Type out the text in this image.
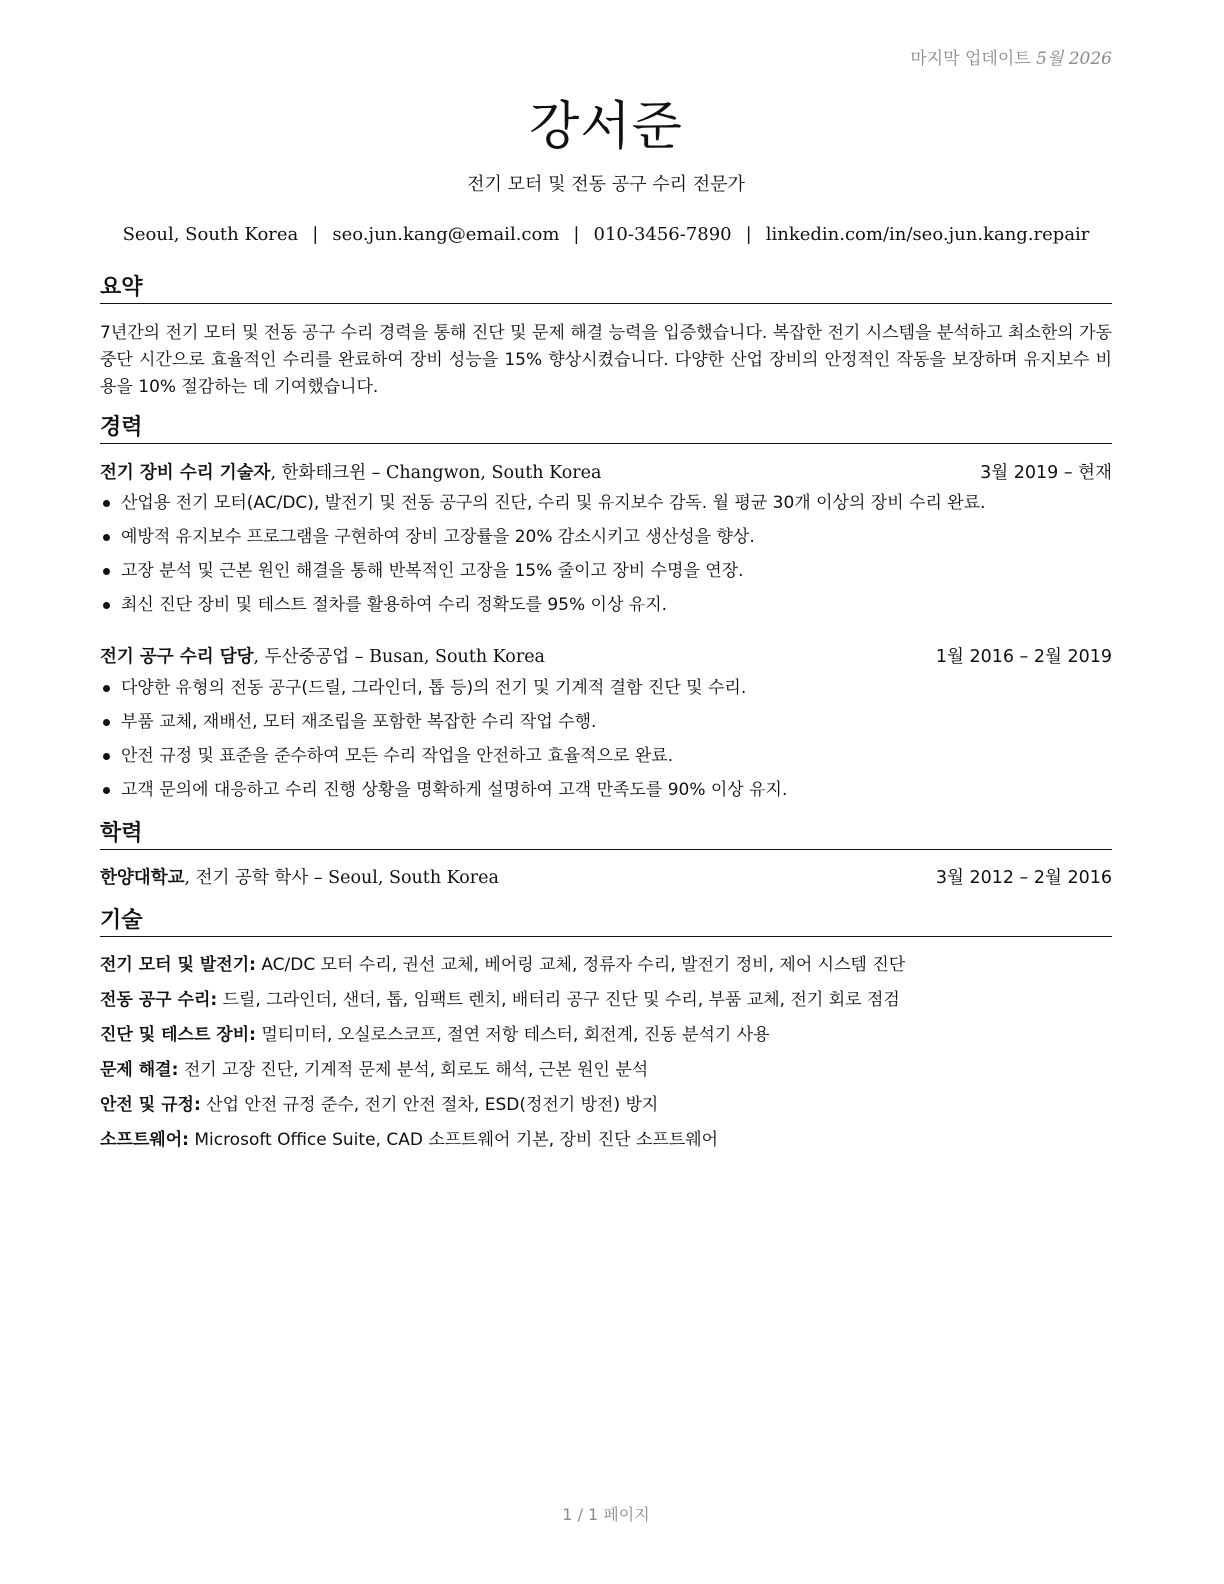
마지막 업데이트 5월 2026
강서준
전기 모터 및 전동 공구 수리 전문가
Seoul, South Korea | seo.jun.kang@email.com | 010-3456-7890 | linkedin.com/in/seo.jun.kang.repair
요약
7년간의 전기 모터 및 전동 공구 수리 경력을 통해 진단 및 문제 해결 능력을 입증했습니다. 복잡한 전기 시스템을 분석하고 최소한의 가동 중단 시간으로 효율적인 수리를 완료하여 장비 성능을 15% 향상시켰습니다. 다양한 산업 장비의 안정적인 작동을 보장하며 유지보수 비용을 10% 절감하는 데 기여했습니다.
경력
전기 장비 수리 기술자, 한화테크윈 – Changwon, South Korea	3월 2019 – 현재
산업용 전기 모터(AC/DC), 발전기 및 전동 공구의 진단, 수리 및 유지보수 감독. 월 평균 30개 이상의 장비 수리 완료.
예방적 유지보수 프로그램을 구현하여 장비 고장률을 20% 감소시키고 생산성을 향상.
고장 분석 및 근본 원인 해결을 통해 반복적인 고장을 15% 줄이고 장비 수명을 연장.
최신 진단 장비 및 테스트 절차를 활용하여 수리 정확도를 95% 이상 유지.
전기 공구 수리 담당, 두산중공업 – Busan, South Korea	1월 2016 – 2월 2019
다양한 유형의 전동 공구(드릴, 그라인더, 톱 등)의 전기 및 기계적 결함 진단 및 수리.
부품 교체, 재배선, 모터 재조립을 포함한 복잡한 수리 작업 수행.
안전 규정 및 표준을 준수하여 모든 수리 작업을 안전하고 효율적으로 완료.
고객 문의에 대응하고 수리 진행 상황을 명확하게 설명하여 고객 만족도를 90% 이상 유지.
학력
한양대학교, 전기 공학 학사 – Seoul, South Korea	3월 2012 – 2월 2016
기술
전기 모터 및 발전기: AC/DC 모터 수리, 권선 교체, 베어링 교체, 정류자 수리, 발전기 정비, 제어 시스템 진단
전동 공구 수리: 드릴, 그라인더, 샌더, 톱, 임팩트 렌치, 배터리 공구 진단 및 수리, 부품 교체, 전기 회로 점검
진단 및 테스트 장비: 멀티미터, 오실로스코프, 절연 저항 테스터, 회전계, 진동 분석기 사용
문제 해결: 전기 고장 진단, 기계적 문제 분석, 회로도 해석, 근본 원인 분석
안전 및 규정: 산업 안전 규정 준수, 전기 안전 절차, ESD(정전기 방전) 방지
소프트웨어: Microsoft Office Suite, CAD 소프트웨어 기본, 장비 진단 소프트웨어
1 / 1 페이지
